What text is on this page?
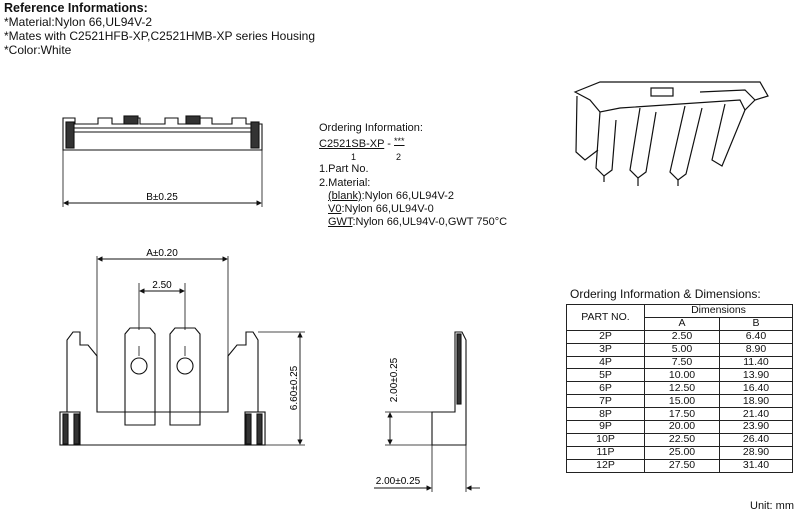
Reference Informations:
*Material:Nylon 66,UL94V-2
*Mates with C2521HFB-XP,C2521HMB-XP series Housing
*Color:White
Ordering Information:
C2521SB-XP - ***
1	2
1.Part No.
2.Material:
(blank):Nylon 66,UL94V-2
V0:Nylon 66,UL94V-0
GWT:Nylon 66,UL94V-0,GWT 750°C
B±0.25
A±0.20
2.50
6.60±0.25	2.00±0.25
2.00±0.25
Ordering Information & Dimensions:
PART NO.	Dimensions	
	A	B
2P	2.50	6.40
3P	5.00	8.90
4P	7.50	11.40
5P	10.00	13.90
6P	12.50	16.40
7P	15.00	18.90
8P	17.50	21.40
9P	20.00	23.90
10P	22.50	26.40
11P	25.00	28.90
12P	27.50	31.40
Unit: mm
